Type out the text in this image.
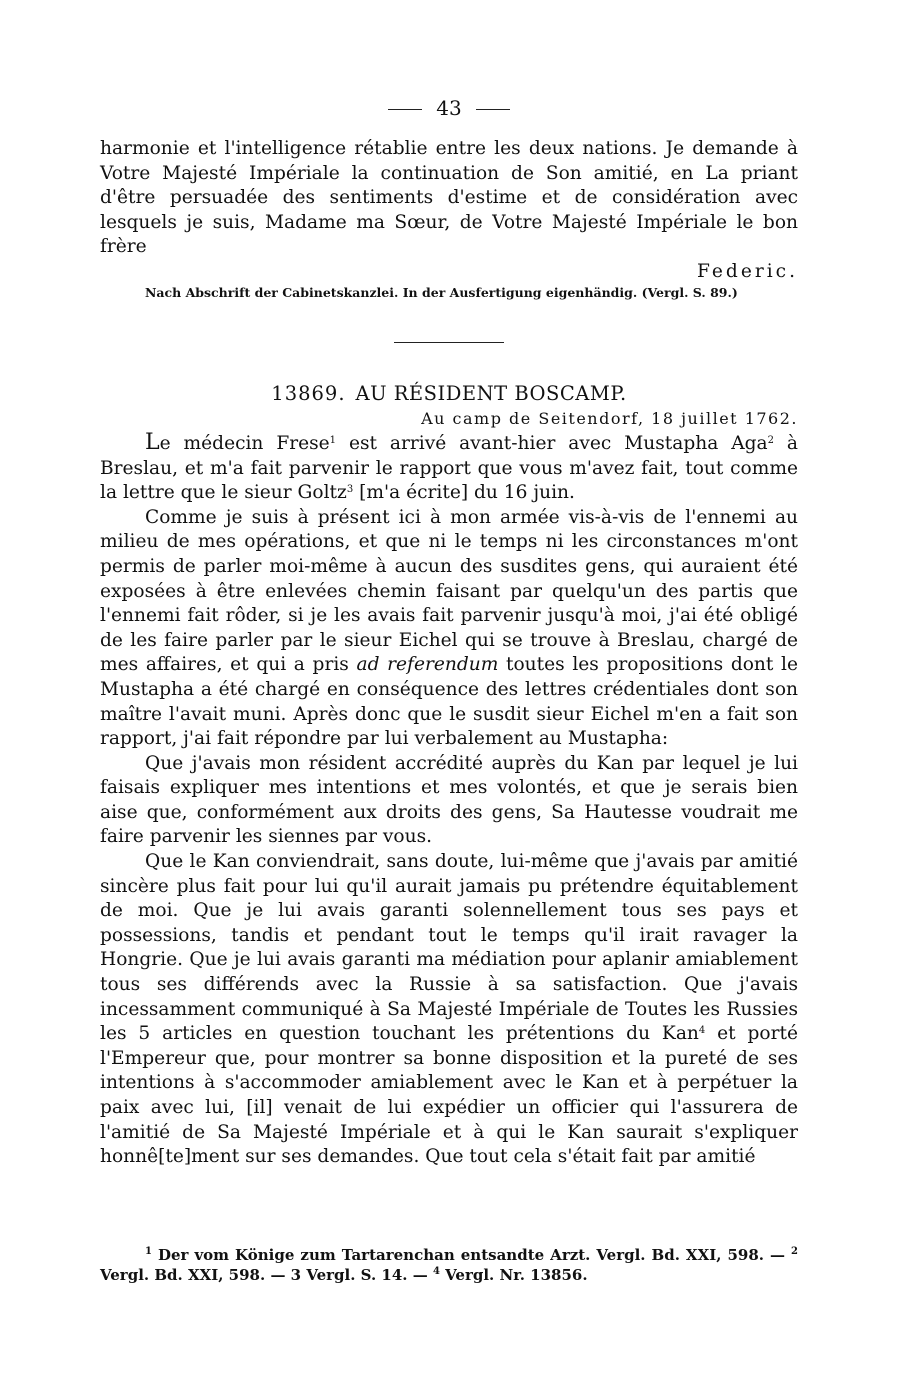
43

harmonie et l'intelligence rétablie entre les deux nations. Je demande à Votre Majesté Impériale la continuation de Son amitié, en La priant d'être persuadée des sentiments d'estime et de considération avec lesquels je suis, Madame ma Sœur, de Votre Majesté Impériale le bon frère

Federic.
Nach Abschrift der Cabinetskanzlei. In der Ausfertigung eigenhändig. (Vergl. S. 89.)
13869. AU RÉSIDENT BOSCAMP.
Au camp de Seitendorf, 18 juillet 1762.

Le médecin Frese$^1$ est arrivé avant-hier avec Mustapha Aga$^2$ à Breslau, et m'a fait parvenir le rapport que vous m'avez fait, tout comme la lettre que le sieur Goltz$^3$ [m'a écrite] du 16 juin.

Comme je suis à présent ici à mon armée vis-à-vis de l'ennemi au milieu de mes opérations, et que ni le temps ni les circonstances m'ont permis de parler moi-même à aucun des susdites gens, qui auraient été exposées à être enlevées chemin faisant par quelqu'un des partis que l'ennemi fait rôder, si je les avais fait parvenir jusqu'à moi, j'ai été obligé de les faire parler par le sieur Eichel qui se trouve à Breslau, chargé de mes affaires, et qui a pris ad referendum toutes les propositions dont le Mustapha a été chargé en conséquence des lettres crédentiales dont son maître l'avait muni. Après donc que le susdit sieur Eichel m'en a fait son rapport, j'ai fait répondre par lui verbalement au Mustapha:

Que j'avais mon résident accrédité auprès du Kan par lequel je lui faisais expliquer mes intentions et mes volontés, et que je serais bien aise que, conformément aux droits des gens, Sa Hautesse voudrait me faire parvenir les siennes par vous.

Que le Kan conviendrait, sans doute, lui-même que j'avais par amitié sincère plus fait pour lui qu'il aurait jamais pu prétendre équitablement de moi. Que je lui avais garanti solennellement tous ses pays et possessions, tandis et pendant tout le temps qu'il irait ravager la Hongrie. Que je lui avais garanti ma médiation pour aplanir amiablement tous ses différends avec la Russie à sa satisfaction. Que j'avais incessamment communiqué à Sa Majesté Impériale de Toutes les Russies les 5 articles en question touchant les prétentions du Kan$^4$ et porté l'Empereur que, pour montrer sa bonne disposition et la pureté de ses intentions à s'accommoder amiablement avec le Kan et à perpétuer la paix avec lui, [il] venait de lui expédier un officier qui l'assurera de l'amitié de Sa Majesté Impériale et à qui le Kan saurait s'expliquer honnê[te]ment sur ses demandes. Que tout cela s'était fait par amitié

$^1$ Der vom Könige zum Tartarenchan entsandte Arzt. Vergl. Bd. XXI, 598. — $^2$ Vergl. Bd. XXI, 598. — 3 Vergl. S. 14. — $^4$ Vergl. Nr. 13856.
